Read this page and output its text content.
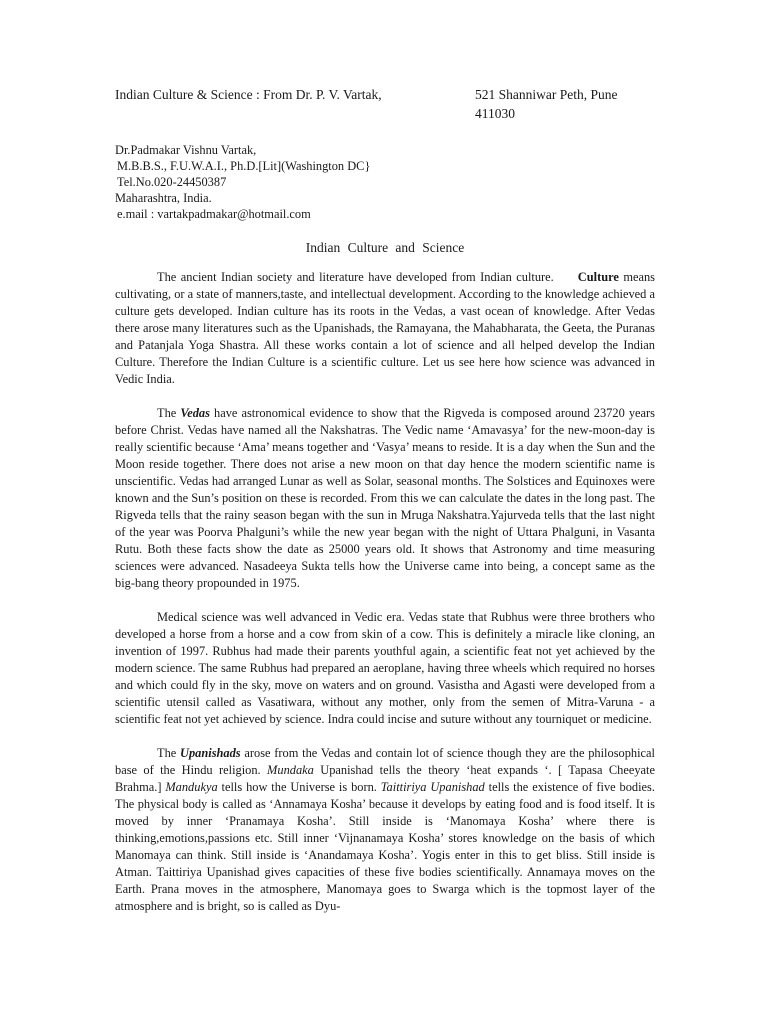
Indian Culture & Science : From Dr. P. V. Vartak,	521 Shanniwar Peth, Pune 411030
Dr.Padmakar Vishnu Vartak,
M.B.B.S., F.U.W.A.I., Ph.D.[Lit](Washington DC}
Tel.No.020-24450387
Maharashtra, India.
e.mail : vartakpadmakar@hotmail.com
Indian Culture and Science

The ancient Indian society and literature have developed from Indian culture. Culture means cultivating, or a state of manners,taste, and intellectual development. According to the knowledge achieved a culture gets developed. Indian culture has its roots in the Vedas, a vast ocean of knowledge. After Vedas there arose many literatures such as the Upanishads, the Ramayana, the Mahabharata, the Geeta, the Puranas and Patanjala Yoga Shastra. All these works contain a lot of science and all helped develop the Indian Culture. Therefore the Indian Culture is a scientific culture. Let us see here how science was advanced in Vedic India.

The Vedas have astronomical evidence to show that the Rigveda is composed around 23720 years before Christ. Vedas have named all the Nakshatras. The Vedic name ‘Amavasya’ for the new-moon-day is really scientific because ‘Ama’ means together and ‘Vasya’ means to reside. It is a day when the Sun and the Moon reside together. There does not arise a new moon on that day hence the modern scientific name is unscientific. Vedas had arranged Lunar as well as Solar, seasonal months. The Solstices and Equinoxes were known and the Sun’s position on these is recorded. From this we can calculate the dates in the long past. The Rigveda tells that the rainy season began with the sun in Mruga Nakshatra.Yajurveda tells that the last night of the year was Poorva Phalguni’s while the new year began with the night of Uttara Phalguni, in Vasanta Rutu. Both these facts show the date as 25000 years old. It shows that Astronomy and time measuring sciences were advanced. Nasadeeya Sukta tells how the Universe came into being, a concept same as the big-bang theory propounded in 1975.

Medical science was well advanced in Vedic era. Vedas state that Rubhus were three brothers who developed a horse from a horse and a cow from skin of a cow. This is definitely a miracle like cloning, an invention of 1997. Rubhus had made their parents youthful again, a scientific feat not yet achieved by the modern science. The same Rubhus had prepared an aeroplane, having three wheels which required no horses and which could fly in the sky, move on waters and on ground. Vasistha and Agasti were developed from a scientific utensil called as Vasatiwara, without any mother, only from the semen of Mitra-Varuna - a scientific feat not yet achieved by science. Indra could incise and suture without any tourniquet or medicine.

The Upanishads arose from the Vedas and contain lot of science though they are the philosophical base of the Hindu religion. Mundaka Upanishad tells the theory ‘heat expands ‘. [ Tapasa Cheeyate Brahma.] Mandukya tells how the Universe is born. Taittiriya Upanishad tells the existence of five bodies. The physical body is called as ‘Annamaya Kosha’ because it develops by eating food and is food itself. It is moved by inner ‘Pranamaya Kosha’. Still inside is ‘Manomaya Kosha’ where there is thinking,emotions,passions etc. Still inner ‘Vijnanamaya Kosha’ stores knowledge on the basis of which Manomaya can think. Still inside is ‘Anandamaya Kosha’. Yogis enter in this to get bliss. Still inside is Atman. Taittiriya Upanishad gives capacities of these five bodies scientifically. Annamaya moves on the Earth. Prana moves in the atmosphere, Manomaya goes to Swarga which is the topmost layer of the atmosphere and is bright, so is called as Dyu-
